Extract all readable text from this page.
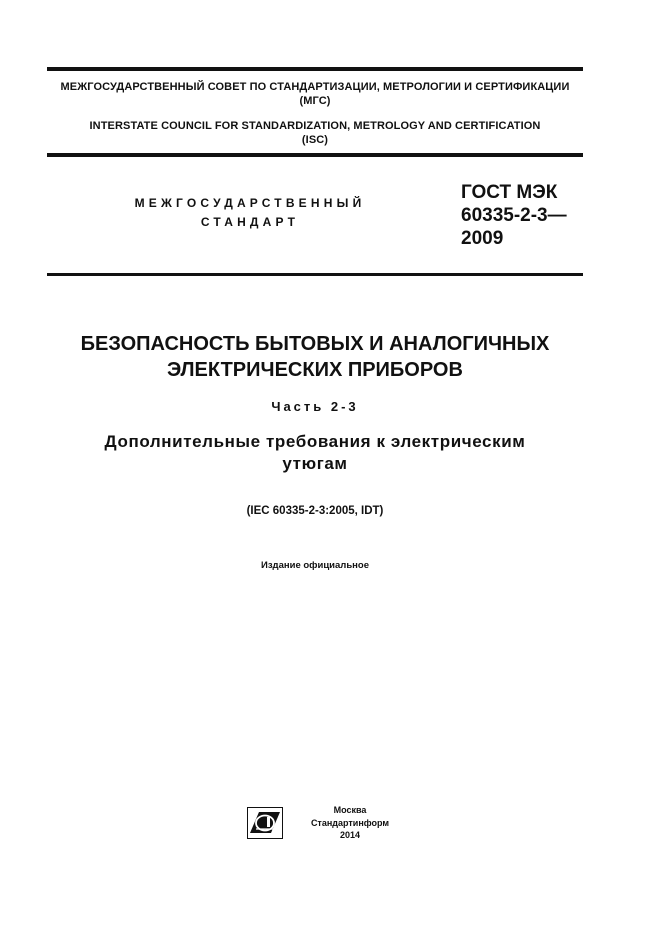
МЕЖГОСУДАРСТВЕННЫЙ СОВЕТ ПО СТАНДАРТИЗАЦИИ, МЕТРОЛОГИИ И СЕРТИФИКАЦИИ
(МГС)
INTERSTATE COUNCIL FOR STANDARDIZATION, METROLOGY AND CERTIFICATION
(ISC)
МЕЖГОСУДАРСТВЕННЫЙ
СТАНДАРТ
ГОСТ МЭК
60335-2-3—
2009
БЕЗОПАСНОСТЬ БЫТОВЫХ И АНАЛОГИЧНЫХ
ЭЛЕКТРИЧЕСКИХ ПРИБОРОВ
Часть 2-3
Дополнительные требования к электрическим
утюгам
(IEC 60335-2-3:2005, IDT)
Издание официальное
Москва
Стандартинформ
2014
